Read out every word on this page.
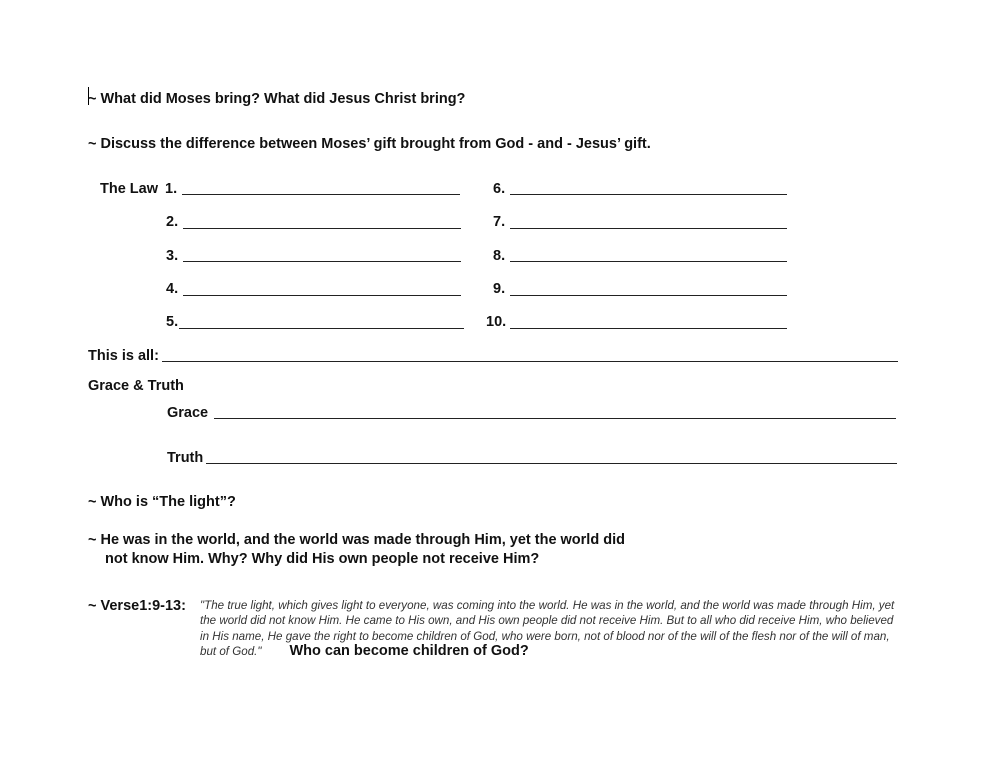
~ What did Moses bring? What did Jesus Christ bring?
~ Discuss the difference between Moses’ gift brought from God - and - Jesus’ gift.
The Law 1.
2.
3.
4.
5.
6.
7.
8.
9.
10.
This is all:
Grace & Truth
Grace
Truth
~ Who is “The light”?
~ He was in the world, and the world was made through Him, yet the world did
not know Him. Why? Why did His own people not receive Him?
~ Verse1:9-13: "The true light, which gives light to everyone, was coming into the world. He was in the world, and the world was made through Him, yet the world did not know Him. He came to His own, and His own people did not receive Him. But to all who did receive Him, who believed in His name, He gave the right to become children of God, who were born, not of blood nor of the will of the flesh nor of the will of man, but of God." Who can become children of God?
